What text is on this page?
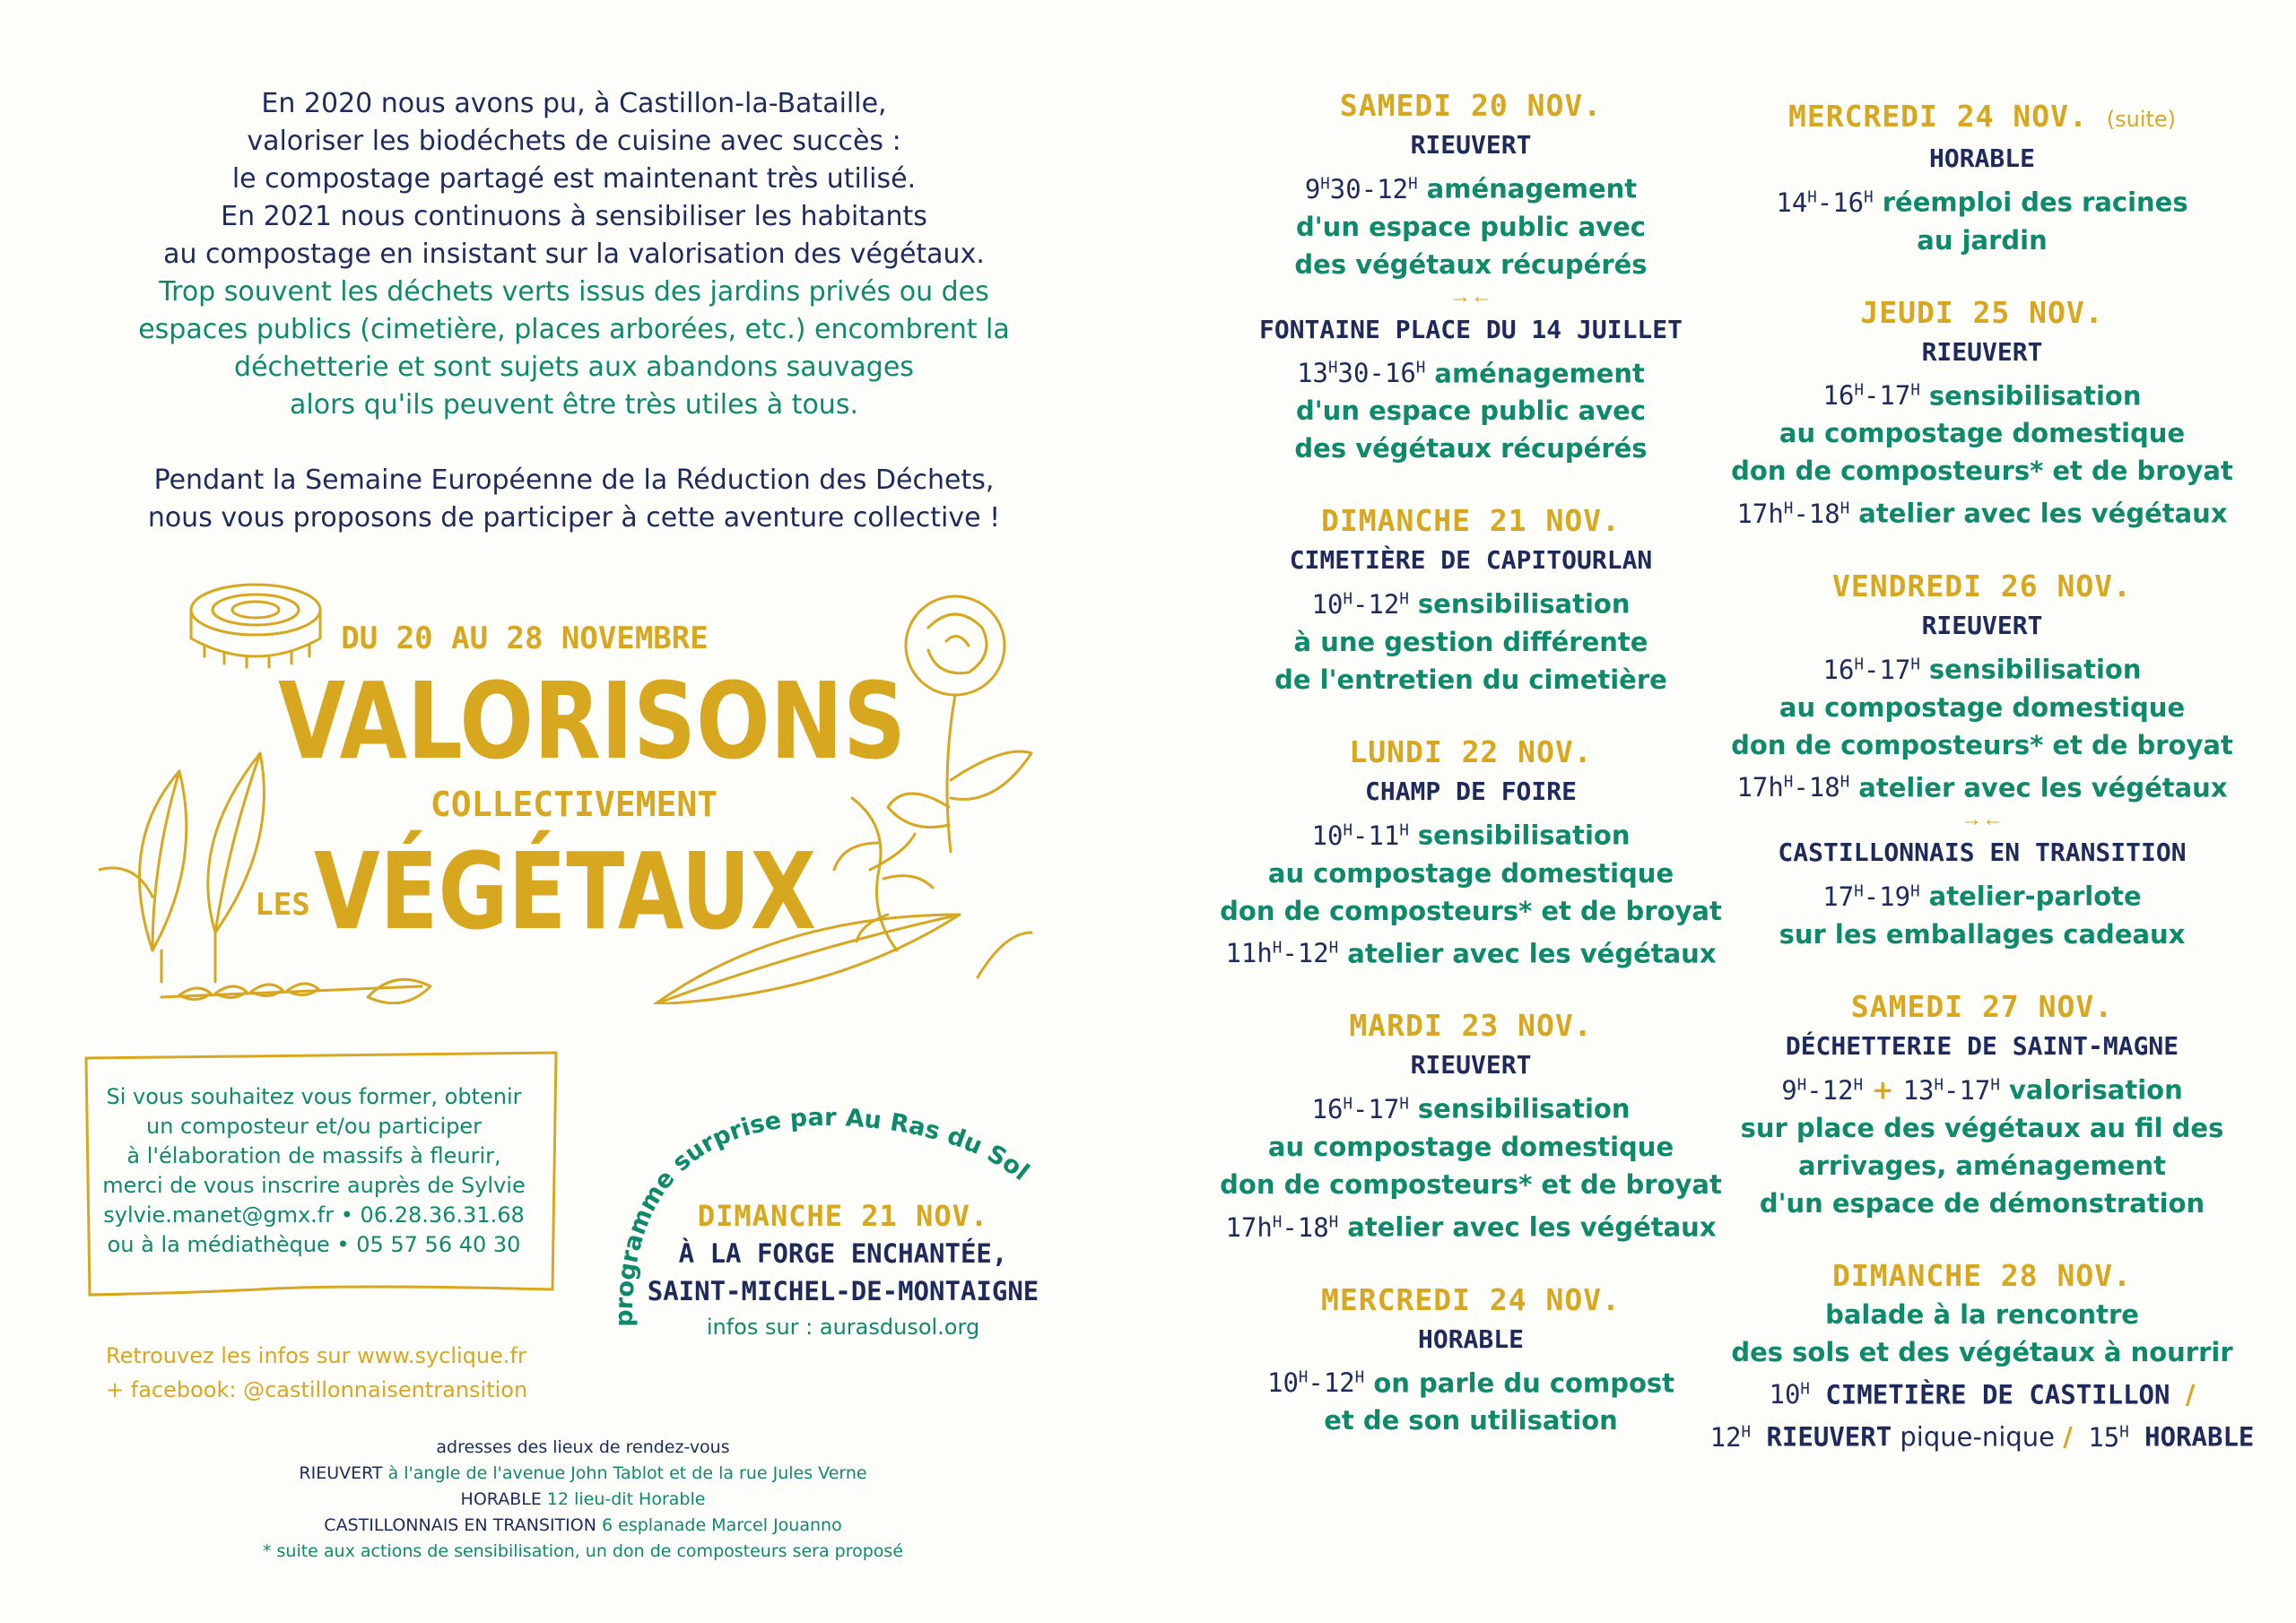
En 2020 nous avons pu, à Castillon-la-Bataille,
valoriser les biodéchets de cuisine avec succès :
le compostage partagé est maintenant très utilisé.
En 2021 nous continuons à sensibiliser les habitants
au compostage en insistant sur la valorisation des végétaux.

Trop souvent les déchets verts issus des jardins privés ou des
espaces publics (cimetière, places arborées, etc.) encombrent la
déchetterie et sont sujets aux abandons sauvages
alors qu'ils peuvent être très utiles à tous.

Pendant la Semaine Européenne de la Réduction des Déchets,
nous vous proposons de participer à cette aventure collective !

DU 20 AU 28 NOVEMBRE
VALORISONS
COLLECTIVEMENT
LES VÉGÉTAUX
Si vous souhaitez vous former, obtenir
un composteur et/ou participer
à l'élaboration de massifs à fleurir,
merci de vous inscrire auprès de Sylvie
sylvie.manet@gmx.fr • 06.28.36.31.68
ou à la médiathèque • 05 57 56 40 30
Retrouvez les infos sur www.syclique.fr
+ facebook: @castillonnaisentransition
adresses des lieux de rendez-vous
RIEUVERT à l'angle de l'avenue John Tablot et de la rue Jules Verne
HORABLE 12 lieu-dit Horable
CASTILLONNAIS EN TRANSITION 6 esplanade Marcel Jouanno
* suite aux actions de sensibilisation, un don de composteurs sera proposé
programme surprise par Au Ras du Sol
DIMANCHE 21 NOV.
À LA FORGE ENCHANTÉE,
SAINT-MICHEL-DE-MONTAIGNE
infos sur : aurasdusol.org
SAMEDI 20 NOV.
RIEUVERT
$9^H30-12^H$ aménagement
d'un espace public avec
des végétaux récupérés
→←
FONTAINE PLACE DU 14 JUILLET
$13^H30-16^H$ aménagement
d'un espace public avec
des végétaux récupérés
DIMANCHE 21 NOV.
CIMETIÈRE DE CAPITOURLAN
$10^H-12^H$ sensibilisation
à une gestion différente
de l'entretien du cimetière
LUNDI 22 NOV.
CHAMP DE FOIRE
$10^H-11^H$ sensibilisation
au compostage domestique
don de composteurs* et de broyat
$11h^H-12^H$ atelier avec les végétaux
MARDI 23 NOV.
RIEUVERT
$16^H-17^H$ sensibilisation
au compostage domestique
don de composteurs* et de broyat
$17h^H-18^H$ atelier avec les végétaux
MERCREDI 24 NOV.
HORABLE
$10^H-12^H$ on parle du compost
et de son utilisation
MERCREDI 24 NOV. (suite)
HORABLE
$14^H-16^H$ réemploi des racines
au jardin
JEUDI 25 NOV.
RIEUVERT
$16^H-17^H$ sensibilisation
au compostage domestique
don de composteurs* et de broyat
$17h^H-18^H$ atelier avec les végétaux
VENDREDI 26 NOV.
RIEUVERT
$16^H-17^H$ sensibilisation
au compostage domestique
don de composteurs* et de broyat
$17h^H-18^H$ atelier avec les végétaux
→←
CASTILLONNAIS EN TRANSITION
$17^H-19^H$ atelier-parlote
sur les emballages cadeaux
SAMEDI 27 NOV.
DÉCHETTERIE DE SAINT-MAGNE
$9^H-12^H + 13^H-17^H$ valorisation
sur place des végétaux au fil des
arrivages, aménagement
d'un espace de démonstration
DIMANCHE 28 NOV.
balade à la rencontre
des sols et des végétaux à nourrir
$10^H$ CIMETIÈRE DE CASTILLON /
$12^H$ RIEUVERT pique-nique / $15^H$ HORABLE
